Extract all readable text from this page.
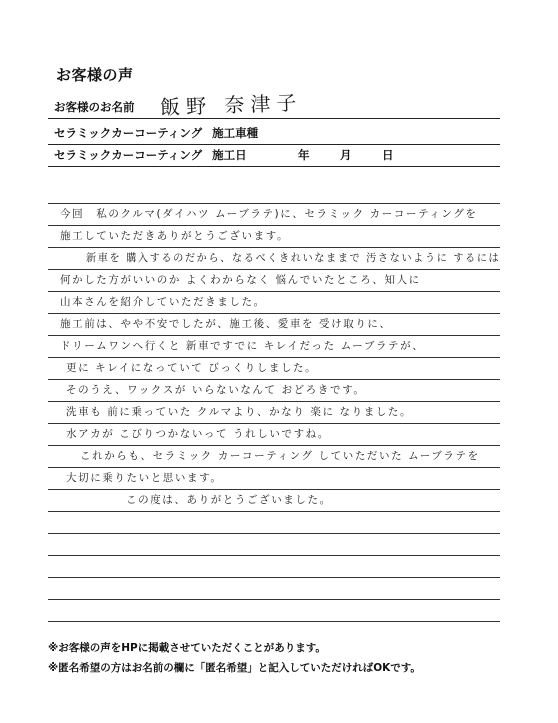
お客様の声
お客様のお名前 飯野 奈津子
セラミックカーコーティング 施工車種
セラミックカーコーティング 施工日	年	月	日
今回　私のクルマ(ダイハツ ムーブラテ)に、セラミック カーコーティングを
施工していただきありがとうございます。
新車を 購入するのだから、なるべくきれいなままで 汚さないように するには
何かした方がいいのか よくわからなく 悩んでいたところ、知人に
山本さんを紹介していただきました。
施工前は、やや不安でしたが、施工後、愛車を 受け取りに、
ドリームワンへ行くと 新車ですでに キレイだった ムーブラテが、
更に キレイになっていて びっくりしました。
そのうえ、ワックスが いらないなんて おどろきです。
洗車も 前に乗っていた クルマより、かなり 楽に なりました。
水アカが こびりつかないって うれしいですね。
これからも、セラミック カーコーティング していただいた ムーブラテを
大切に乗りたいと思います。
この度は、ありがとうございました。
※お客様の声をHPに掲載させていただくことがあります。
※匿名希望の方はお名前の欄に「匿名希望」と記入していただければOKです。
